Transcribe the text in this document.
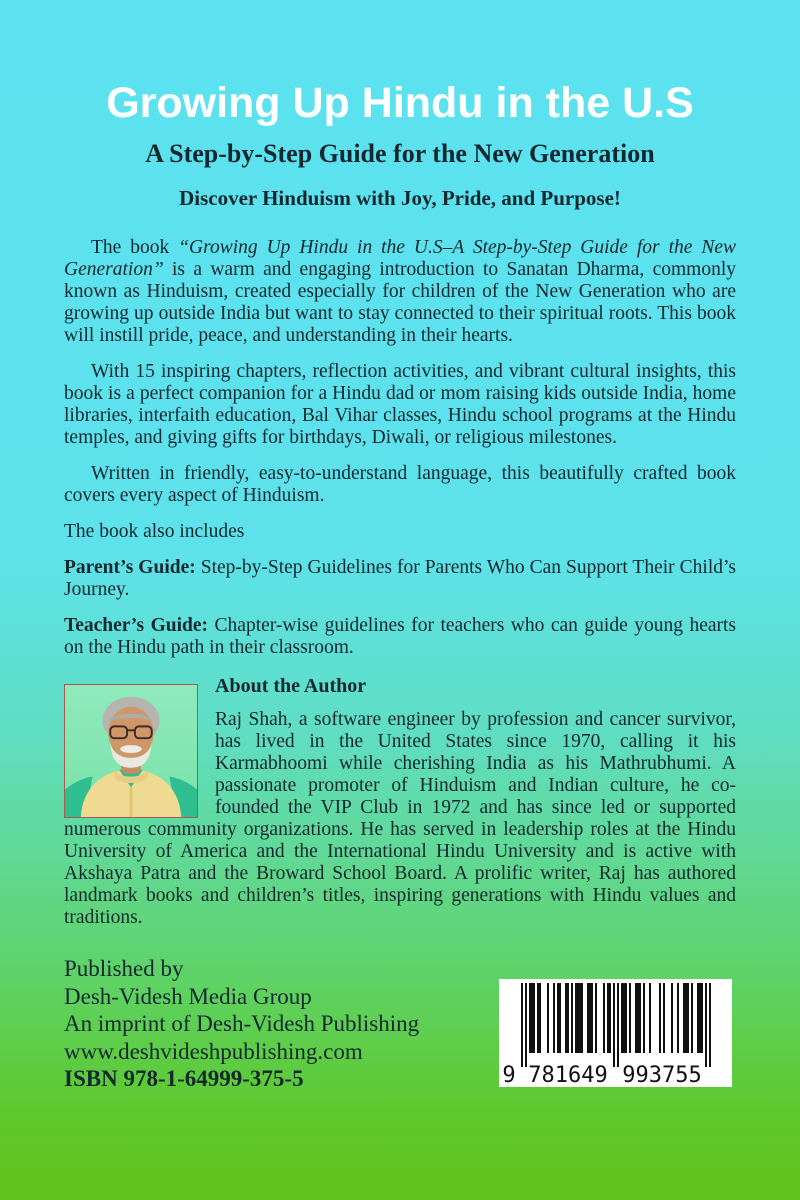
Growing Up Hindu in the U.S
A Step-by-Step Guide for the New Generation
Discover Hinduism with Joy, Pride, and Purpose!

The book “Growing Up Hindu in the U.S–A Step-by-Step Guide for the New Generation” is a warm and engaging introduction to Sanatan Dharma, commonly known as Hinduism, created especially for children of the New Generation who are growing up outside India but want to stay connected to their spiritual roots. This book will instill pride, peace, and understanding in their hearts.

With 15 inspiring chapters, reflection activities, and vibrant cultural insights, this book is a perfect companion for a Hindu dad or mom raising kids outside India, home libraries, interfaith education, Bal Vihar classes, Hindu school programs at the Hindu temples, and giving gifts for birthdays, Diwali, or religious milestones.

Written in friendly, easy-to-understand language, this beautifully crafted book covers every aspect of Hinduism.

The book also includes

Parent’s Guide: Step-by-Step Guidelines for Parents Who Can Support Their Child’s Journey.

Teacher’s Guide: Chapter-wise guidelines for teachers who can guide young hearts on the Hindu path in their classroom.

About the Author

Raj Shah, a software engineer by profession and cancer survivor, has lived in the United States since 1970, calling it his Karmabhoomi while cherishing India as his Mathrubhumi. A passionate promoter of Hinduism and Indian culture, he co-founded the VIP Club in 1972 and has since led or supported numerous community organizations. He has served in leadership roles at the Hindu University of America and the International Hindu University and is active with Akshaya Patra and the Broward School Board. A prolific writer, Raj has authored landmark books and children’s titles, inspiring generations with Hindu values and traditions.

Published by

Desh-Videsh Media Group

An imprint of Desh-Videsh Publishing

www.deshvideshpublishing.com

ISBN 978-1-64999-375-5	9 781649 993755
